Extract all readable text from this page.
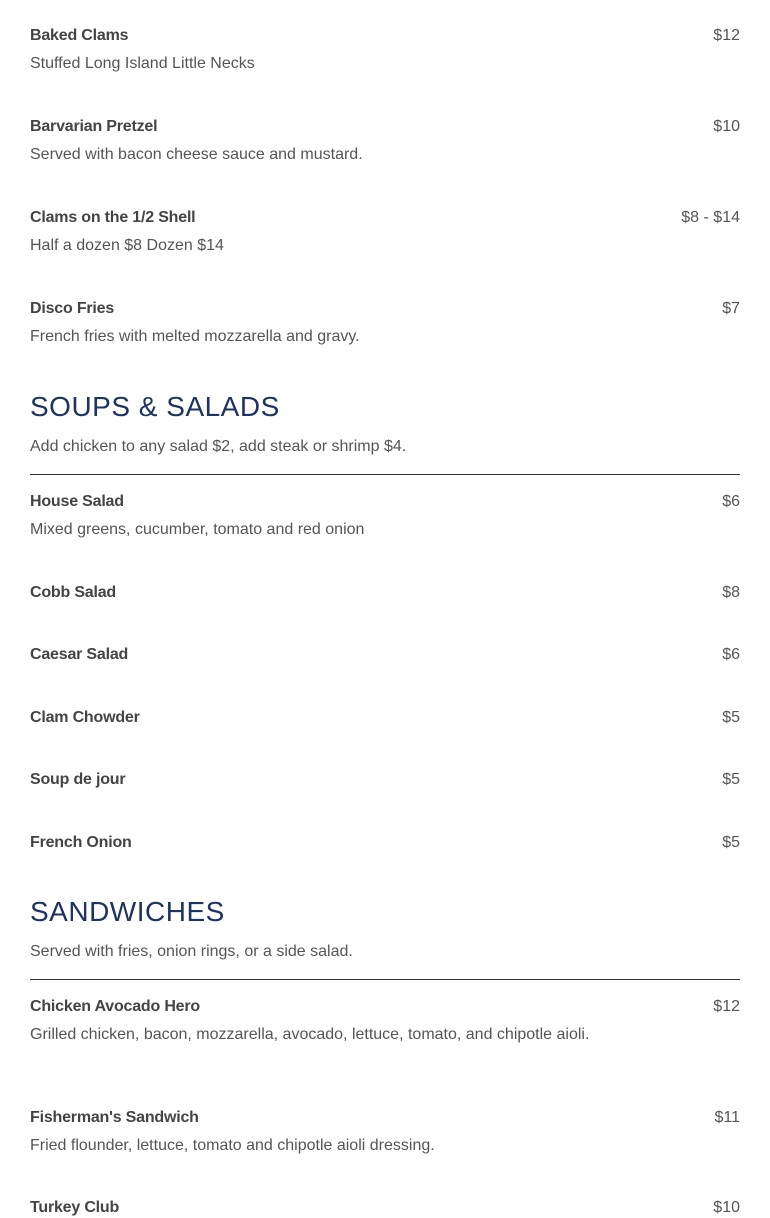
Baked Clams	$12
Stuffed Long Island Little Necks
Barvarian Pretzel	$10
Served with bacon cheese sauce and mustard.
Clams on the 1/2 Shell	$8 - $14
Half a dozen $8 Dozen $14
Disco Fries	$7
French fries with melted mozzarella and gravy.
SOUPS & SALADS
Add chicken to any salad $2, add steak or shrimp $4.
House Salad	$6
Mixed greens, cucumber, tomato and red onion
Cobb Salad	$8
Caesar Salad	$6
Clam Chowder	$5
Soup de jour	$5
French Onion	$5
SANDWICHES
Served with fries, onion rings, or a side salad.
Chicken Avocado Hero	$12
Grilled chicken, bacon, mozzarella, avocado, lettuce, tomato, and chipotle aioli.
Fisherman's Sandwich	$11
Fried flounder, lettuce, tomato and chipotle aioli dressing.
Turkey Club	$10
